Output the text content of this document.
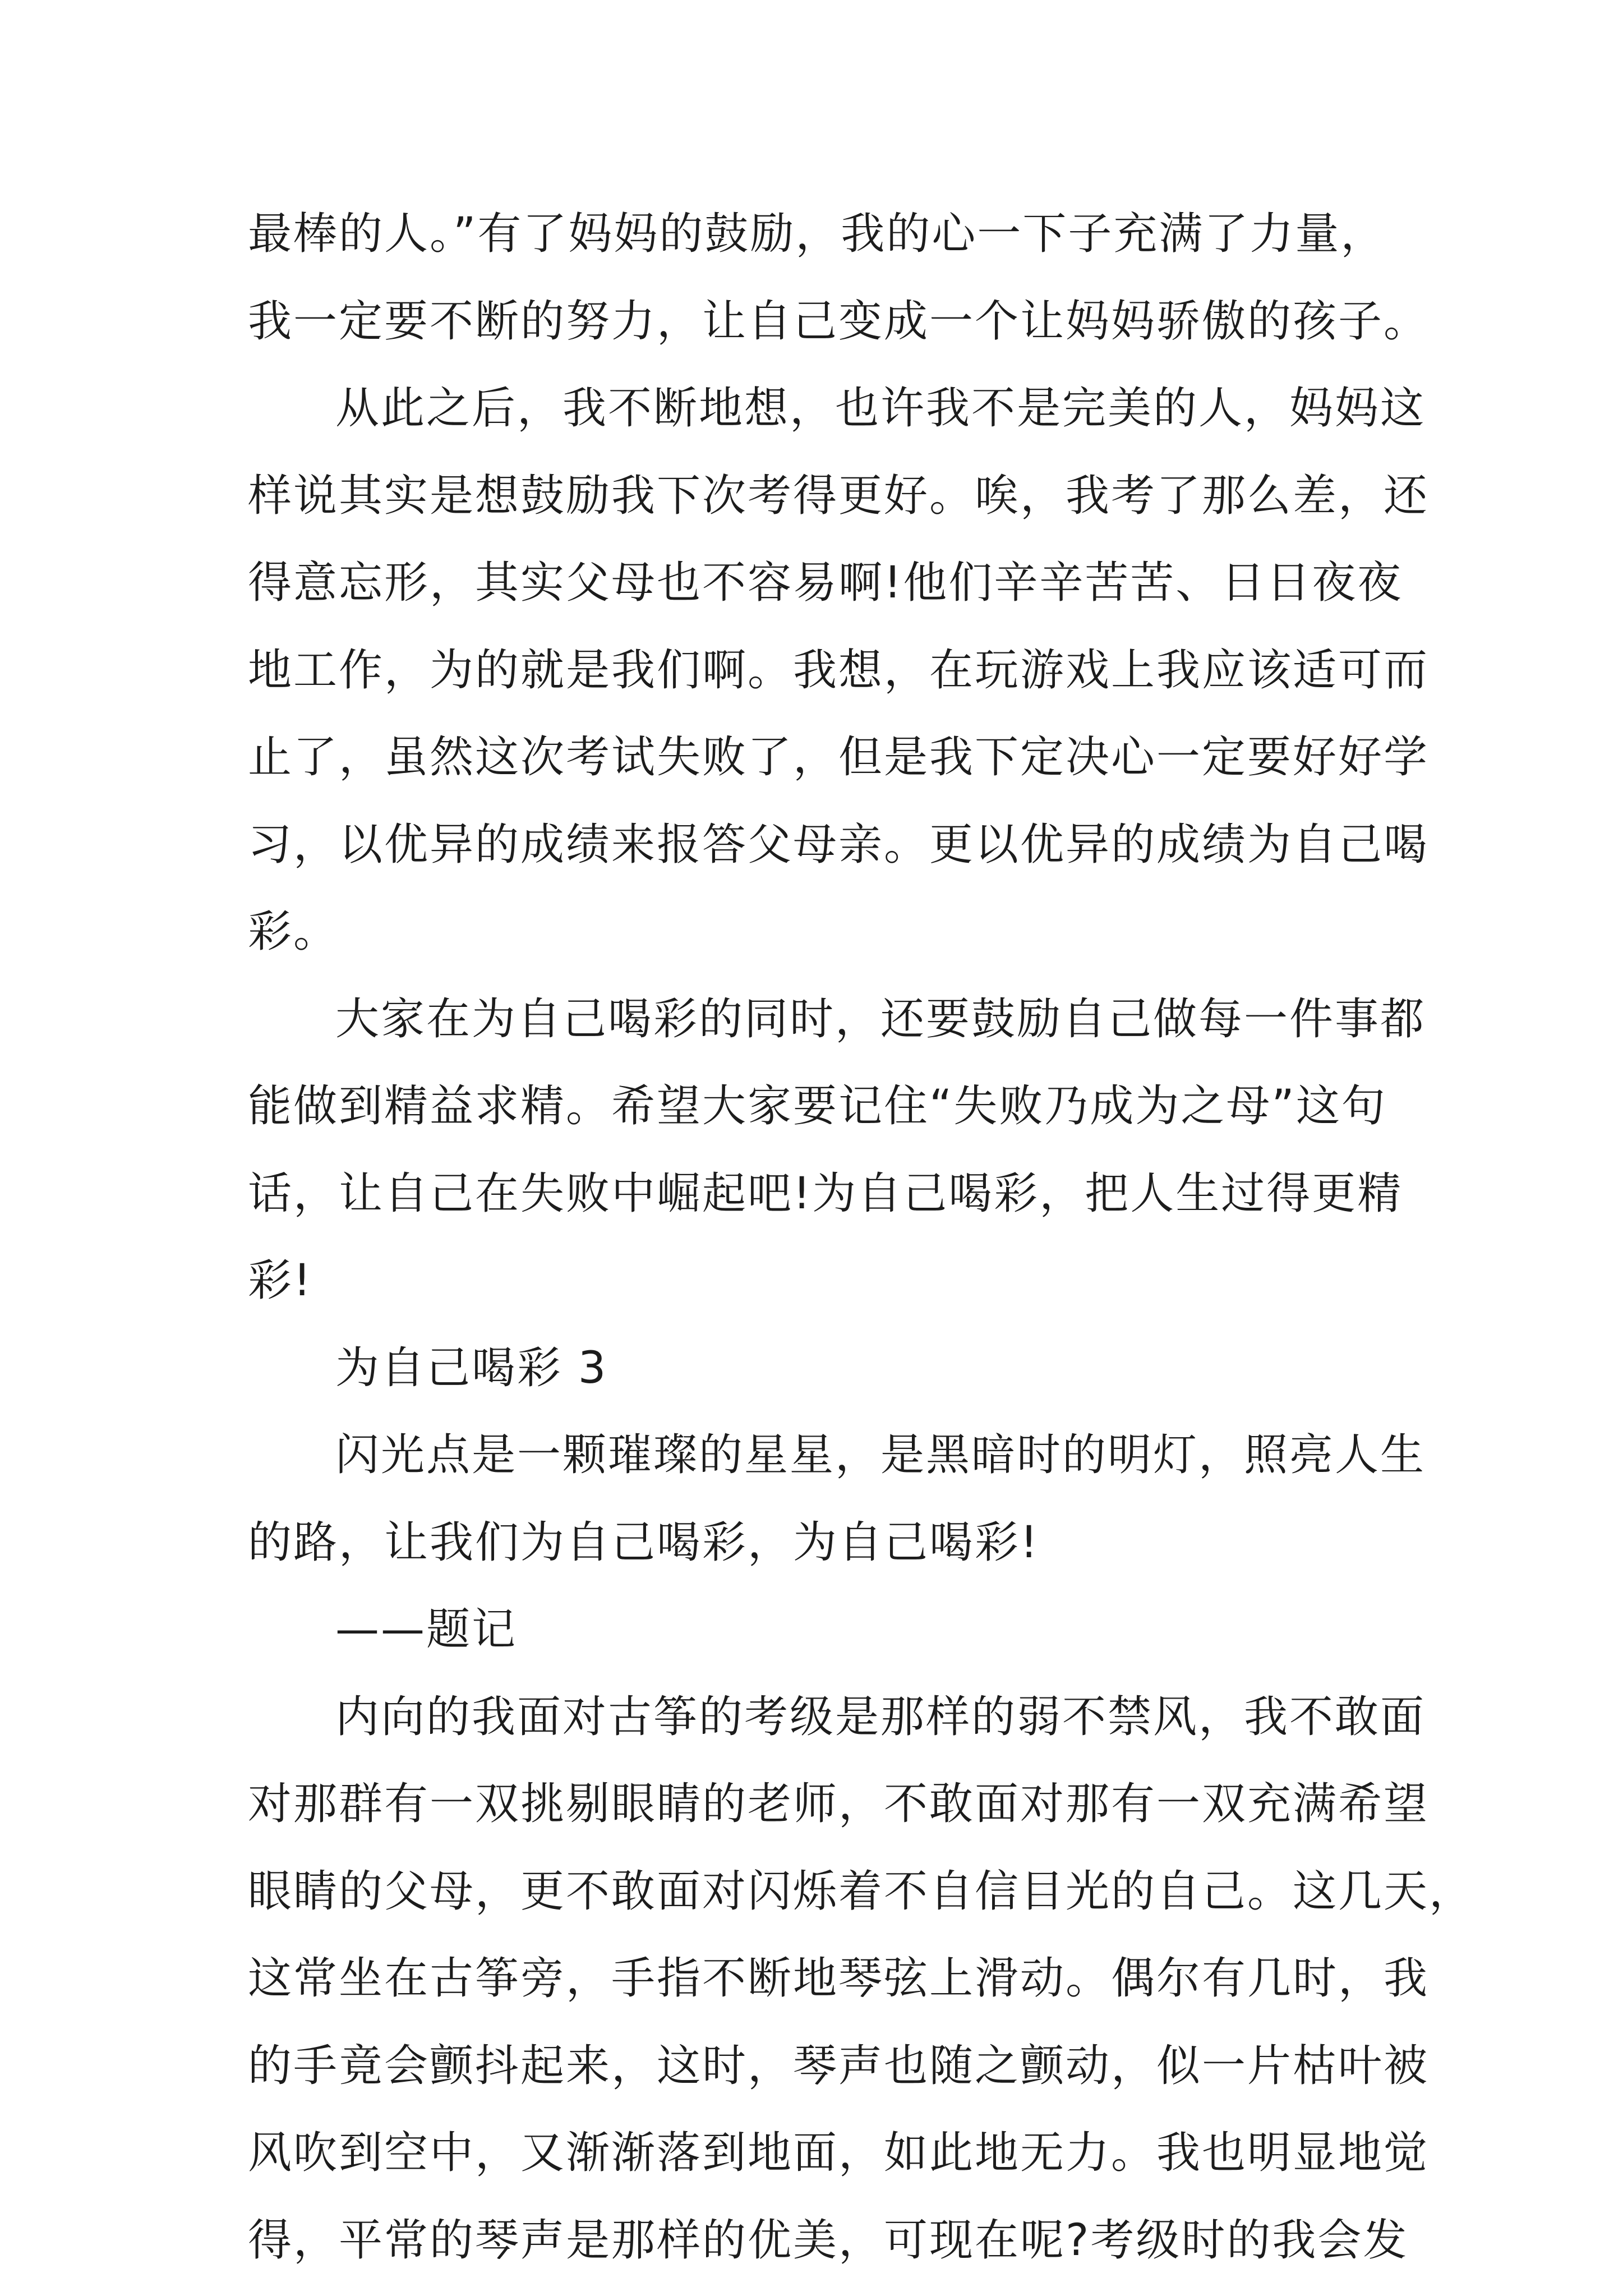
最棒的人。”有了妈妈的鼓励，我的心一下子充满了力量，
我一定要不断的努力，让自己变成一个让妈妈骄傲的孩子。
从此之后，我不断地想，也许我不是完美的人，妈妈这
样说其实是想鼓励我下次考得更好。唉，我考了那么差，还
得意忘形，其实父母也不容易啊!他们辛辛苦苦、日日夜夜
地工作，为的就是我们啊。我想，在玩游戏上我应该适可而
止了，虽然这次考试失败了，但是我下定决心一定要好好学
习，以优异的成绩来报答父母亲。更以优异的成绩为自己喝
彩。
大家在为自己喝彩的同时，还要鼓励自己做每一件事都
能做到精益求精。希望大家要记住“失败乃成为之母”这句
话，让自己在失败中崛起吧!为自己喝彩，把人生过得更精
彩!
为自己喝彩 3
闪光点是一颗璀璨的星星，是黑暗时的明灯，照亮人生
的路，让我们为自己喝彩，为自己喝彩!
——题记
内向的我面对古筝的考级是那样的弱不禁风，我不敢面
对那群有一双挑剔眼睛的老师，不敢面对那有一双充满希望
眼睛的父母，更不敢面对闪烁着不自信目光的自己。这几天，
这常坐在古筝旁，手指不断地琴弦上滑动。偶尔有几时，我
的手竟会颤抖起来，这时，琴声也随之颤动，似一片枯叶被
风吹到空中，又渐渐落到地面，如此地无力。我也明显地觉
得，平常的琴声是那样的优美，可现在呢?考级时的我会发
